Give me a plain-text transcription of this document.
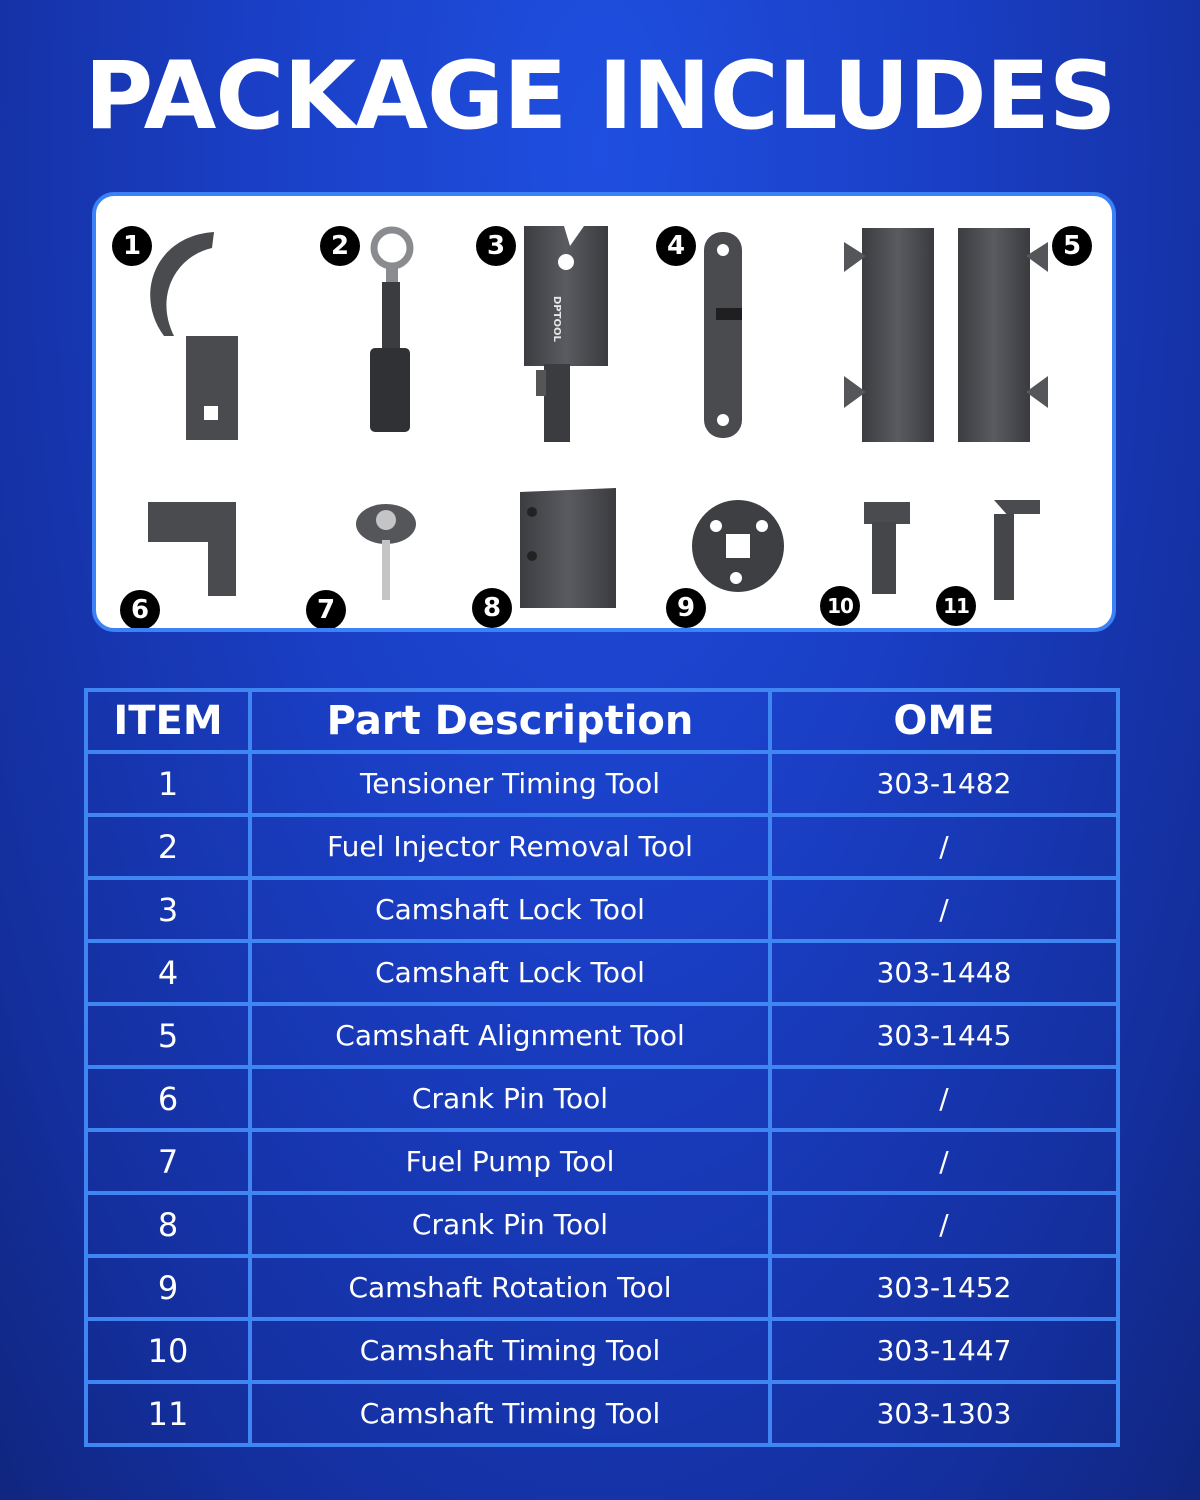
PACKAGE INCLUDES
DPTOOL
1	2	3	4	5
6	7	8	9	10	11
ITEM	Part Description	OME
1	Tensioner Timing Tool	303-1482
2	Fuel Injector Removal Tool	/
3	Camshaft Lock Tool	/
4	Camshaft Lock Tool	303-1448
5	Camshaft Alignment Tool	303-1445
6	Crank Pin Tool	/
7	Fuel Pump Tool	/
8	Crank Pin Tool	/
9	Camshaft Rotation Tool	303-1452
10	Camshaft Timing Tool	303-1447
11	Camshaft Timing Tool	303-1303
